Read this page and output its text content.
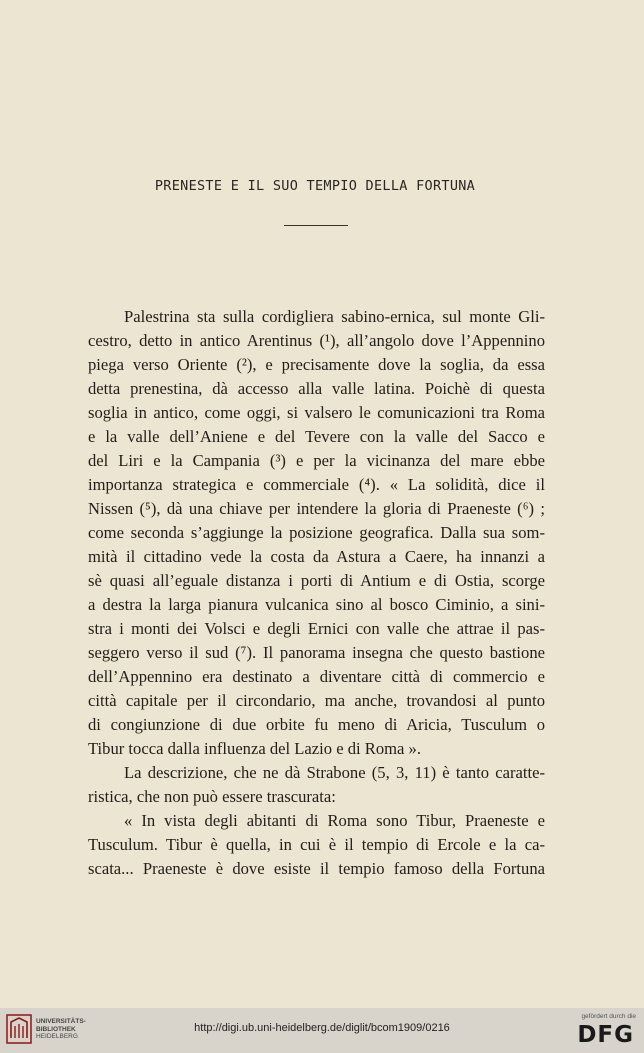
PRENESTE E IL SUO TEMPIO DELLA FORTUNA
Palestrina sta sulla cordigliera sabino-ernica, sul monte Gli-
cestro, detto in antico Arentinus (¹), all’angolo dove l’Appennino
piega verso Oriente (²), e precisamente dove la soglia, da essa
detta prenestina, dà accesso alla valle latina. Poichè di questa
soglia in antico, come oggi, si valsero le comunicazioni tra Roma
e la valle dell’Aniene e del Tevere con la valle del Sacco e
del Liri e la Campania (³) e per la vicinanza del mare ebbe
importanza strategica e commerciale (⁴). « La solidità, dice il
Nissen (⁵), dà una chiave per intendere la gloria di Praeneste (⁶) ;
come seconda s’aggiunge la posizione geografica. Dalla sua som-
mità il cittadino vede la costa da Astura a Caere, ha innanzi a
sè quasi all’eguale distanza i porti di Antium e di Ostia, scorge
a destra la larga pianura vulcanica sino al bosco Ciminio, a sini-
stra i monti dei Volsci e degli Ernici con valle che attrae il pas-
seggero verso il sud (⁷). Il panorama insegna che questo bastione
dell’Appennino era destinato a diventare città di commercio e
città capitale per il circondario, ma anche, trovandosi al punto
di congiunzione di due orbite fu meno di Aricia, Tusculum o
Tibur tocca dalla influenza del Lazio e di Roma ».
La descrizione, che ne dà Strabone (5, 3, 11) è tanto caratte-
ristica, che non può essere trascurata:
« In vista degli abitanti di Roma sono Tibur, Praeneste e
Tusculum. Tibur è quella, in cui è il tempio di Ercole e la ca-
scata... Praeneste è dove esiste il tempio famoso della Fortuna
UNIVERSITÄTS-
BIBLIOTHEK
HEIDELBERG
http://digi.ub.uni-heidelberg.de/diglit/bcom1909/0216
gefördert durch die
DFG
